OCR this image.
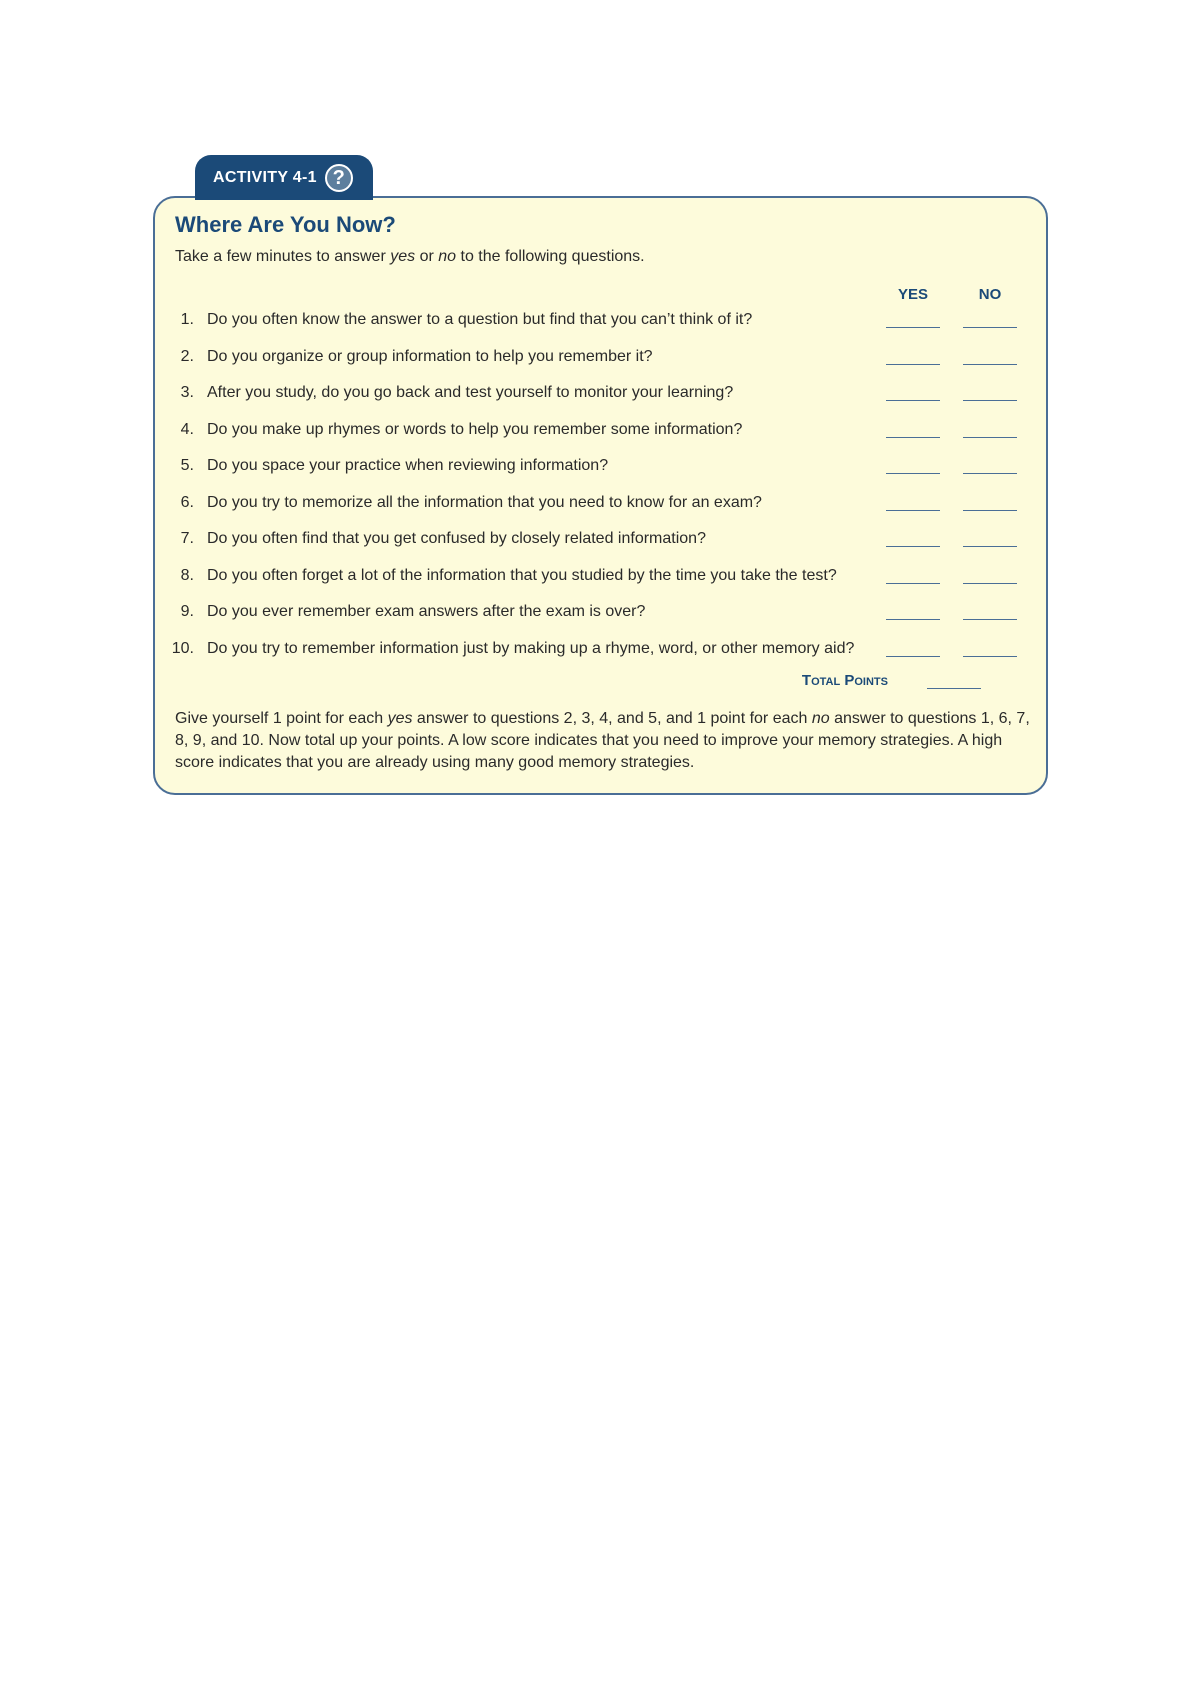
ACTIVITY 4-1 ?
Where Are You Now?
Take a few minutes to answer yes or no to the following questions.
YES	NO
1. Do you often know the answer to a question but find that you can’t think of it?
2. Do you organize or group information to help you remember it?
3. After you study, do you go back and test yourself to monitor your learning?
4. Do you make up rhymes or words to help you remember some information?
5. Do you space your practice when reviewing information?
6. Do you try to memorize all the information that you need to know for an exam?
7. Do you often find that you get confused by closely related information?
8. Do you often forget a lot of the information that you studied by the time you take the test?
9. Do you ever remember exam answers after the exam is over?
10. Do you try to remember information just by making up a rhyme, word, or other memory aid?
Total Points

Give yourself 1 point for each yes answer to questions 2, 3, 4, and 5, and 1 point for each no answer to questions 1, 6, 7, 8, 9, and 10. Now total up your points. A low score indicates that you need to improve your memory strategies. A high score indicates that you are already using many good memory strategies.
